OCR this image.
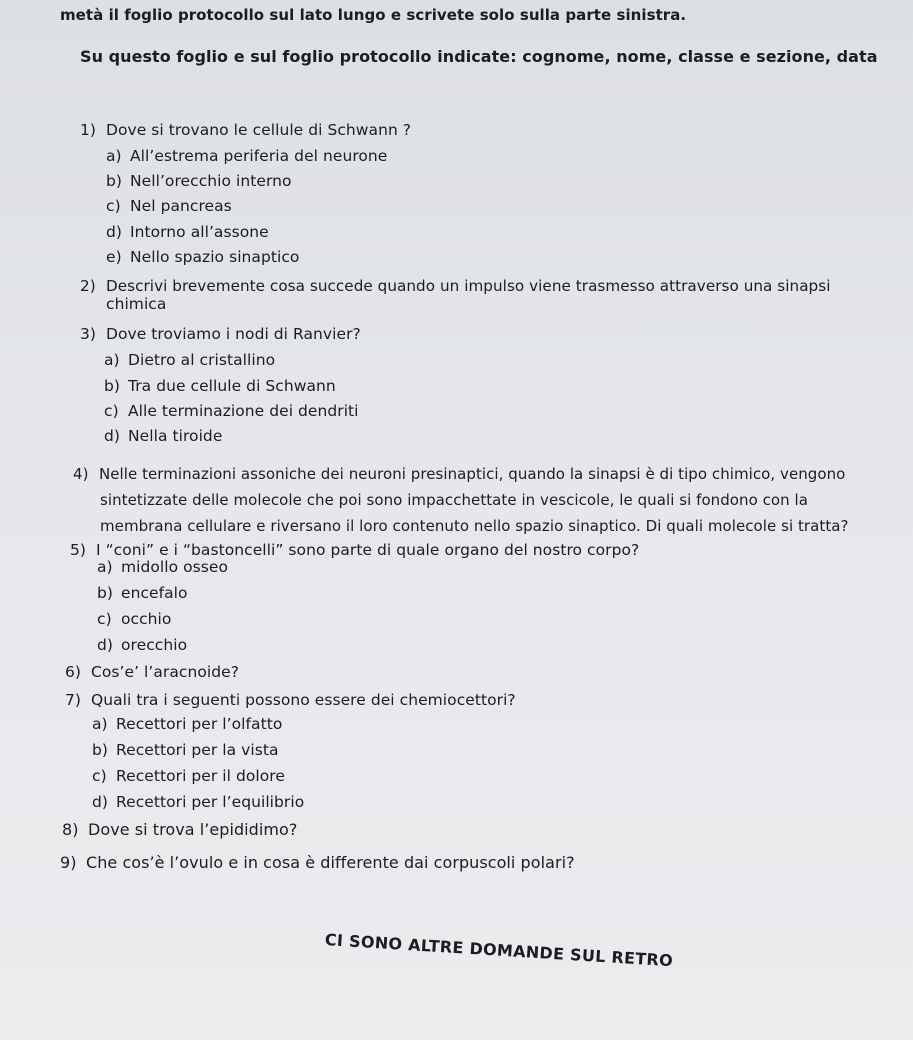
metà il foglio protocollo sul lato lungo e scrivete solo sulla parte sinistra.
Su questo foglio e sul foglio protocollo indicate: cognome, nome, classe e sezione, data
1) Dove si trovano le cellule di Schwann ?
a) All’estrema periferia del neurone
b) Nell’orecchio interno
c) Nel pancreas
d) Intorno all’assone
e) Nello spazio sinaptico
2) Descrivi brevemente cosa succede quando un impulso viene trasmesso attraverso una sinapsi
chimica
3) Dove troviamo i nodi di Ranvier?
a) Dietro al cristallino
b) Tra due cellule di Schwann
c) Alle terminazione dei dendriti
d) Nella tiroide
4) Nelle terminazioni assoniche dei neuroni presinaptici, quando la sinapsi è di tipo chimico, vengono
sintetizzate delle molecole che poi sono impacchettate in vescicole, le quali si fondono con la
membrana cellulare e riversano il loro contenuto nello spazio sinaptico. Di quali molecole si tratta?
5) I “coni” e i “bastoncelli” sono parte di quale organo del nostro corpo?
a) midollo osseo
b) encefalo
c) occhio
d) orecchio
6) Cos’e’ l’aracnoide?
7) Quali tra i seguenti possono essere dei chemiocettori?
a) Recettori per l’olfatto
b) Recettori per la vista
c) Recettori per il dolore
d) Recettori per l’equilibrio
8) Dove si trova l’epididimo?
9) Che cos’è l’ovulo e in cosa è differente dai corpuscoli polari?
CI SONO ALTRE DOMANDE SUL RETRO
